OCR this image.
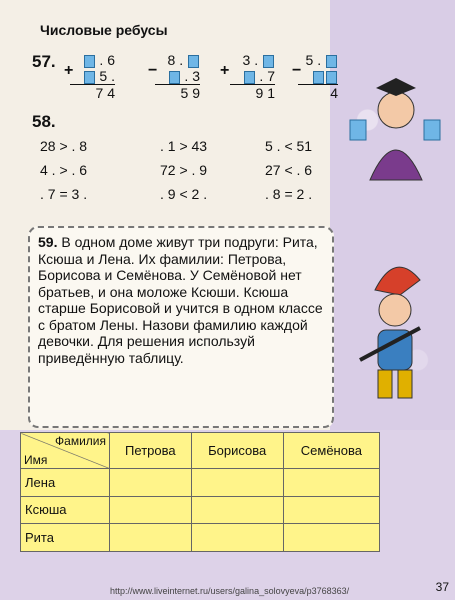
Числовые ребусы
57.	. 6
5 .
7 4
+
8 .
. 3
5 9
−
3 .
. 7
9 1
+
5 .
4
−
58.
28 > . 8	. 1 > 43	5 . < 51
4 . > . 6	72 > . 9	27 < . 6
. 7 = 3 .	. 9 < 2 .	. 8 = 2 .

59. В одном доме живут три подруги: Рита, Ксюша и Лена. Их фамилии: Петрова, Борисова и Семёнова. У Семёновой нет братьев, и она моложе Ксюши. Ксюша старше Борисовой и учится в одном классе с братом Лены. Назови фамилию каждой девочки. Для решения используй приведённую таблицу.

Фамилия
Имя	Петрова	Борисова	Семёнова
Лена			
Ксюша			
Рита			
http://www.liveinternet.ru/users/galina_solovyeva/p3768363/	37
